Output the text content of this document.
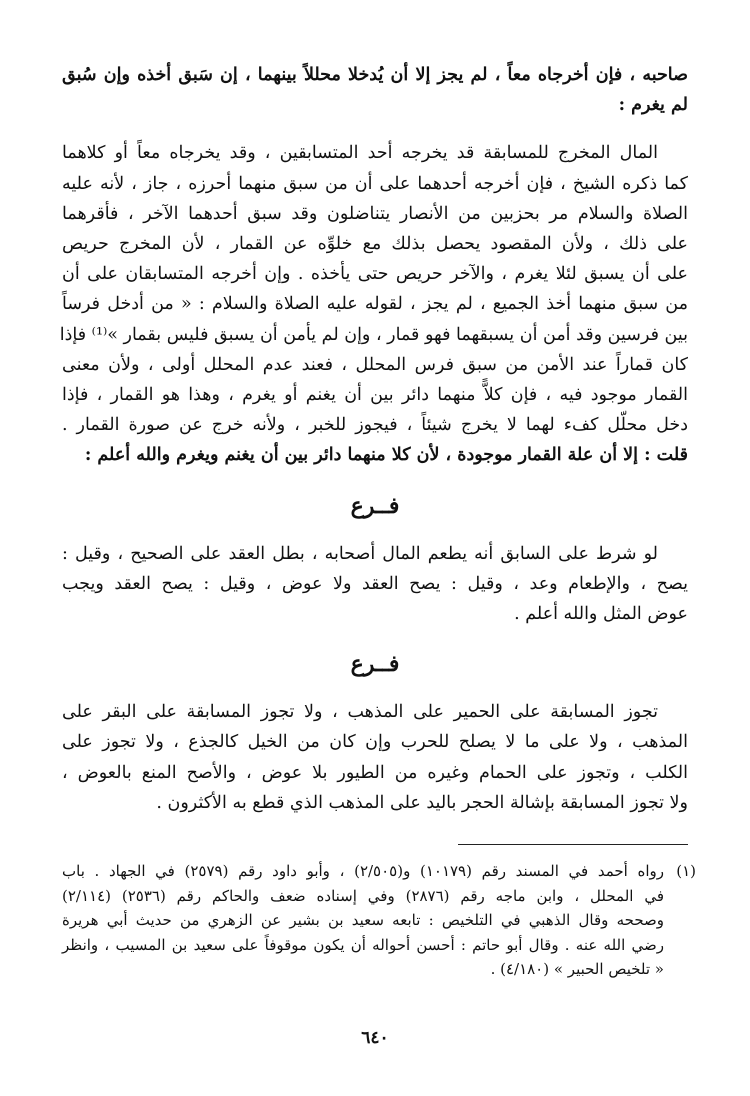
صاحبه ، فإن أخرجاه معاً ، لم يجز إلا أن يُدخلا محللاً بينهما ، إن سَبق أخذه وإن سُبق
لم يغرم :
المال المخرج للمسابقة قد يخرجه أحد المتسابقين ، وقد يخرجاه معاً أو كلاهما
كما ذكره الشيخ ، فإن أخرجه أحدهما على أن من سبق منهما أحرزه ، جاز ، لأنه عليه
الصلاة والسلام مر بحزبين من الأنصار يتناضلون وقد سبق أحدهما الآخر ، فأقرهما
على ذلك ، ولأن المقصود يحصل بذلك مع خلوِّه عن القمار ، لأن المخرج حريص
على أن يسبق لئلا يغرم ، والآخر حريص حتى يأخذه . وإن أخرجه المتسابقان على أن
من سبق منهما أخذ الجميع ، لم يجز ، لقوله عليه الصلاة والسلام : « من أدخل فرساً
بين فرسين وقد أمن أن يسبقهما فهو قمار ، وإن لم يأمن أن يسبق فليس بقمار »⁽¹⁾ فإذا
كان قماراً عند الأمن من سبق فرس المحلل ، فعند عدم المحلل أولى ، ولأن معنى
القمار موجود فيه ، فإن كلاًّ منهما دائر بين أن يغنم أو يغرم ، وهذا هو القمار ، فإذا
دخل محلّل كفء لهما لا يخرج شيئاً ، فيجوز للخبر ، ولأنه خرج عن صورة القمار .
قلت : إلا أن علة القمار موجودة ، لأن كلا منهما دائر بين أن يغنم ويغرم والله أعلم :
فــرع
لو شرط على السابق أنه يطعم المال أصحابه ، بطل العقد على الصحيح ، وقيل :
يصح ، والإطعام وعد ، وقيل : يصح العقد ولا عوض ، وقيل : يصح العقد ويجب
عوض المثل والله أعلم .
فــرع
تجوز المسابقة على الحمير على المذهب ، ولا تجوز المسابقة على البقر على
المذهب ، ولا على ما لا يصلح للحرب وإن كان من الخيل كالجذع ، ولا تجوز على
الكلب ، وتجوز على الحمام وغيره من الطيور بلا عوض ، والأصح المنع بالعوض ،
ولا تجوز المسابقة بإشالة الحجر باليد على المذهب الذي قطع به الأكثرون .
(١)
رواه أحمد في المسند رقم (١٠١٧٩) و(٢/٥٠٥) ، وأبو داود رقم (٢٥٧٩) في الجهاد . باب
في المحلل ، وابن ماجه رقم (٢٨٧٦) وفي إسناده ضعف والحاكم رقم (٢٥٣٦) (٢/١١٤)
وصححه وقال الذهبي في التلخيص : تابعه سعيد بن بشير عن الزهري من حديث أبي هريرة
رضي الله عنه . وقال أبو حاتم : أحسن أحواله أن يكون موقوفاً على سعيد بن المسيب ، وانظر
« تلخيص الحبير » (٤/١٨٠) .
٦٤٠
